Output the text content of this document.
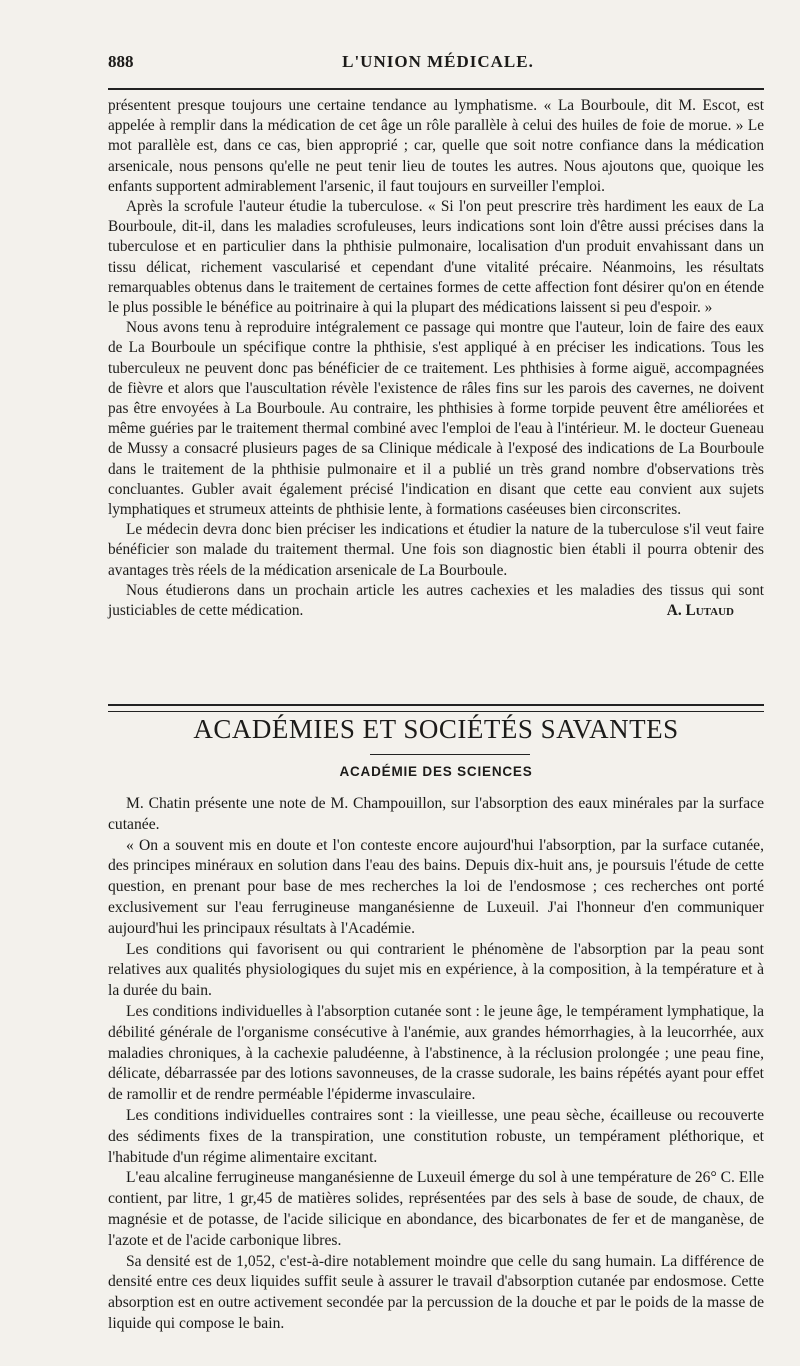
888	L'UNION MÉDICALE.

présentent presque toujours une certaine tendance au lymphatisme. « La Bourboule, dit M. Escot, est appelée à remplir dans la médication de cet âge un rôle parallèle à celui des huiles de foie de morue. » Le mot parallèle est, dans ce cas, bien approprié ; car, quelle que soit notre confiance dans la médication arsenicale, nous pensons qu'elle ne peut tenir lieu de toutes les autres. Nous ajoutons que, quoique les enfants supportent admirablement l'arsenic, il faut toujours en surveiller l'emploi.

Après la scrofule l'auteur étudie la tuberculose. « Si l'on peut prescrire très hardiment les eaux de La Bourboule, dit-il, dans les maladies scrofuleuses, leurs indications sont loin d'être aussi précises dans la tuberculose et en particulier dans la phthisie pulmonaire, localisation d'un produit envahissant dans un tissu délicat, richement vascularisé et cependant d'une vitalité précaire. Néanmoins, les résultats remarquables obtenus dans le traitement de certaines formes de cette affection font désirer qu'on en étende le plus possible le bénéfice au poitrinaire à qui la plupart des médications laissent si peu d'espoir. »

Nous avons tenu à reproduire intégralement ce passage qui montre que l'auteur, loin de faire des eaux de La Bourboule un spécifique contre la phthisie, s'est appliqué à en préciser les indications. Tous les tuberculeux ne peuvent donc pas bénéficier de ce traitement. Les phthisies à forme aiguë, accompagnées de fièvre et alors que l'auscultation révèle l'existence de râles fins sur les parois des cavernes, ne doivent pas être envoyées à La Bourboule. Au contraire, les phthisies à forme torpide peuvent être améliorées et même guéries par le traitement thermal combiné avec l'emploi de l'eau à l'intérieur. M. le docteur Gueneau de Mussy a consacré plusieurs pages de sa Clinique médicale à l'exposé des indications de La Bourboule dans le traitement de la phthisie pulmonaire et il a publié un très grand nombre d'observations très concluantes. Gubler avait également précisé l'indication en disant que cette eau convient aux sujets lymphatiques et strumeux atteints de phthisie lente, à formations caséeuses bien circonscrites.

Le médecin devra donc bien préciser les indications et étudier la nature de la tuberculose s'il veut faire bénéficier son malade du traitement thermal. Une fois son diagnostic bien établi il pourra obtenir des avantages très réels de la médication arsenicale de La Bourboule.

Nous étudierons dans un prochain article les autres cachexies et les maladies des tissus qui sont justiciables de cette médication.	A. Lutaud

ACADÉMIES ET SOCIÉTÉS SAVANTES
ACADÉMIE DES SCIENCES

M. Chatin présente une note de M. Champouillon, sur l'absorption des eaux minérales par la surface cutanée.

« On a souvent mis en doute et l'on conteste encore aujourd'hui l'absorption, par la surface cutanée, des principes minéraux en solution dans l'eau des bains. Depuis dix-huit ans, je poursuis l'étude de cette question, en prenant pour base de mes recherches la loi de l'endosmose ; ces recherches ont porté exclusivement sur l'eau ferrugineuse manganésienne de Luxeuil. J'ai l'honneur d'en communiquer aujourd'hui les principaux résultats à l'Académie.

Les conditions qui favorisent ou qui contrarient le phénomène de l'absorption par la peau sont relatives aux qualités physiologiques du sujet mis en expérience, à la composition, à la température et à la durée du bain.

Les conditions individuelles à l'absorption cutanée sont : le jeune âge, le tempérament lymphatique, la débilité générale de l'organisme consécutive à l'anémie, aux grandes hémorrhagies, à la leucorrhée, aux maladies chroniques, à la cachexie paludéenne, à l'abstinence, à la réclusion prolongée ; une peau fine, délicate, débarrassée par des lotions savonneuses, de la crasse sudorale, les bains répétés ayant pour effet de ramollir et de rendre perméable l'épiderme invasculaire.

Les conditions individuelles contraires sont : la vieillesse, une peau sèche, écailleuse ou recouverte des sédiments fixes de la transpiration, une constitution robuste, un tempérament pléthorique, et l'habitude d'un régime alimentaire excitant.

L'eau alcaline ferrugineuse manganésienne de Luxeuil émerge du sol à une température de 26° C. Elle contient, par litre, 1 gr,45 de matières solides, représentées par des sels à base de soude, de chaux, de magnésie et de potasse, de l'acide silicique en abondance, des bicarbonates de fer et de manganèse, de l'azote et de l'acide carbonique libres.

Sa densité est de 1,052, c'est-à-dire notablement moindre que celle du sang humain. La différence de densité entre ces deux liquides suffit seule à assurer le travail d'absorption cutanée par endosmose. Cette absorption est en outre activement secondée par la percussion de la douche et par le poids de la masse de liquide qui compose le bain.
